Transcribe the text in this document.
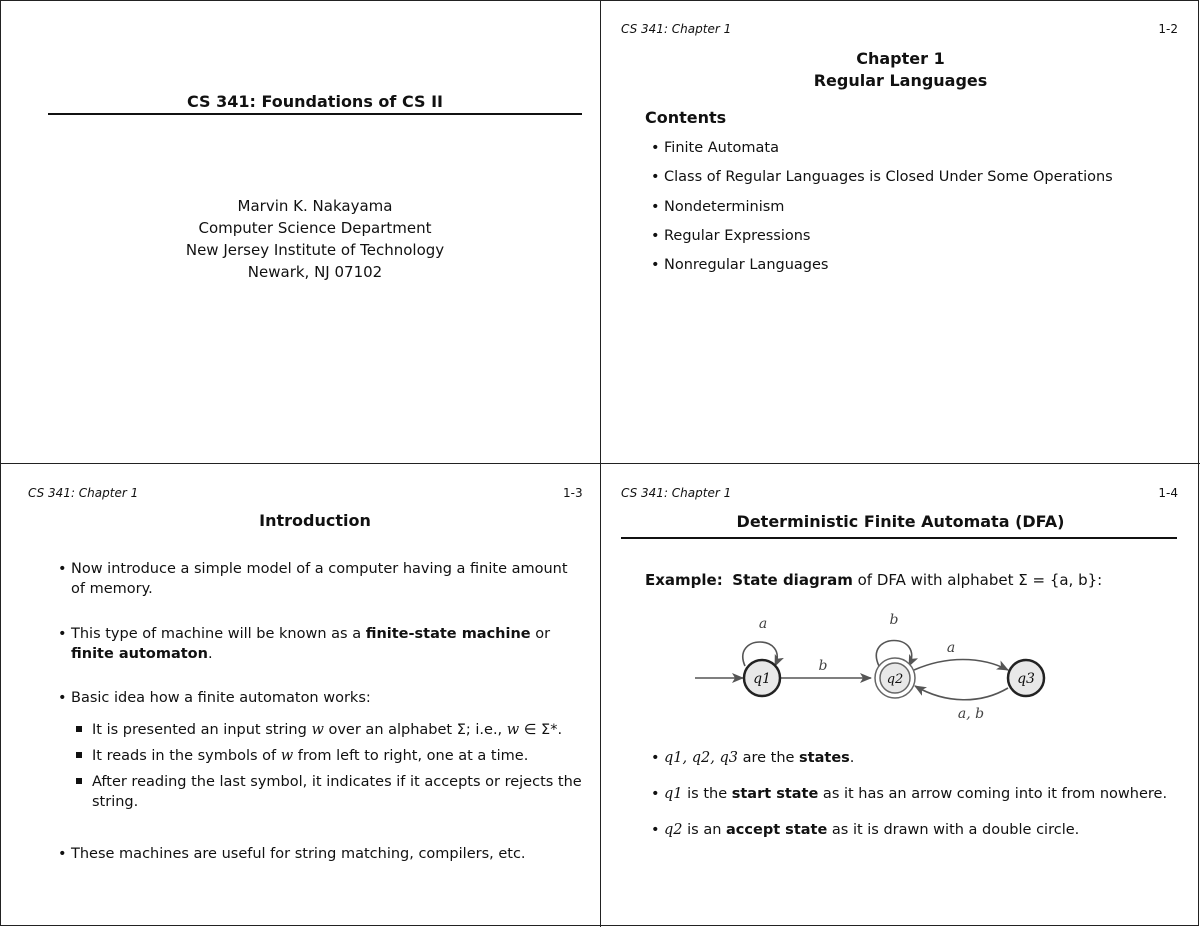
CS 341: Foundations of CS II
Marvin K. Nakayama
Computer Science Department
New Jersey Institute of Technology
Newark, NJ 07102
CS 341: Chapter 1	1-2
Chapter 1
Regular Languages
Contents
• Finite Automata
• Class of Regular Languages is Closed Under Some Operations
• Nondeterminism
• Regular Expressions
• Nonregular Languages
CS 341: Chapter 1	1-3
Introduction
• Now introduce a simple model of a computer having a finite amount of memory.
• This type of machine will be known as a finite-state machine or finite automaton.
• Basic idea how a finite automaton works:
It is presented an input string w over an alphabet Σ; i.e., w ∈ Σ*.
It reads in the symbols of w from left to right, one at a time.
After reading the last symbol, it indicates if it accepts or rejects the string.
• These machines are useful for string matching, compilers, etc.
CS 341: Chapter 1	1-4
Deterministic Finite Automata (DFA)
Example: State diagram of DFA with alphabet Σ = {a, b}:
a
b
b
a
a, b
q1	q2	q3
• q1, q2, q3 are the states.
• q1 is the start state as it has an arrow coming into it from nowhere.
• q2 is an accept state as it is drawn with a double circle.
